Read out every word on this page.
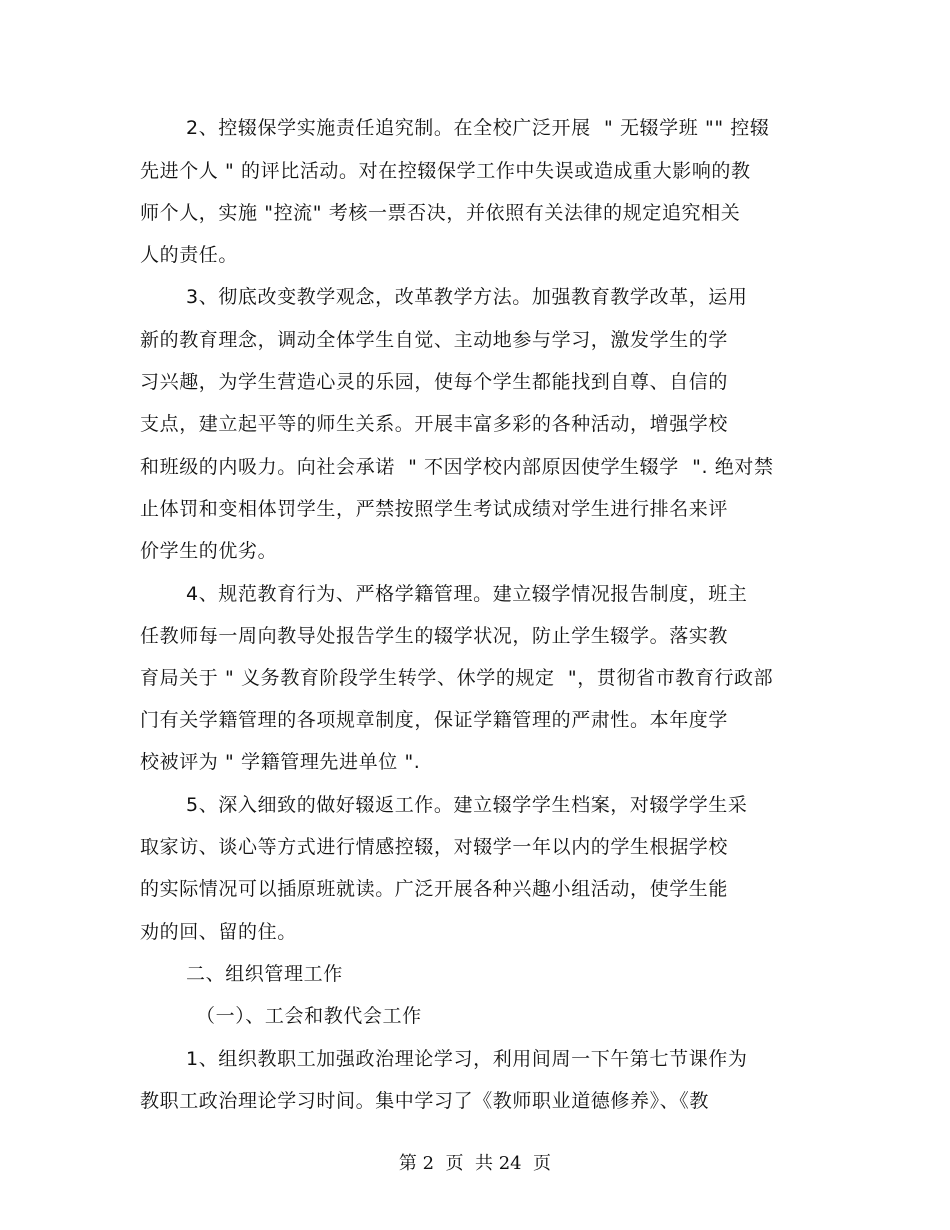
2、控辍保学实施责任追究制。在全校广泛开展  " 无辍学班 "" 控辍
先进个人 " 的评比活动。对在控辍保学工作中失误或造成重大影响的教
师个人，实施 "控流" 考核一票否决，并依照有关法律的规定追究相关
人的责任。
3、彻底改变教学观念，改革教学方法。加强教育教学改革，运用
新的教育理念，调动全体学生自觉、主动地参与学习，激发学生的学
习兴趣，为学生营造心灵的乐园，使每个学生都能找到自尊、自信的
支点，建立起平等的师生关系。开展丰富多彩的各种活动，增强学校
和班级的内吸力。向社会承诺  " 不因学校内部原因使学生辍学  ". 绝对禁
止体罚和变相体罚学生，严禁按照学生考试成绩对学生进行排名来评
价学生的优劣。
4、规范教育行为、严格学籍管理。建立辍学情况报告制度，班主
任教师每一周向教导处报告学生的辍学状况，防止学生辍学。落实教
育局关于 " 义务教育阶段学生转学、休学的规定  "，贯彻省市教育行政部
门有关学籍管理的各项规章制度，保证学籍管理的严肃性。本年度学
校被评为 " 学籍管理先进单位 ".
5、深入细致的做好辍返工作。建立辍学学生档案，对辍学学生采
取家访、谈心等方式进行情感控辍，对辍学一年以内的学生根据学校
的实际情况可以插原班就读。广泛开展各种兴趣小组活动，使学生能
劝的回、留的住。
二、组织管理工作
（一）、工会和教代会工作
1、组织教职工加强政治理论学习，利用间周一下午第七节课作为
教职工政治理论学习时间。集中学习了《教师职业道德修养》、《教
第 2  页  共 24  页
